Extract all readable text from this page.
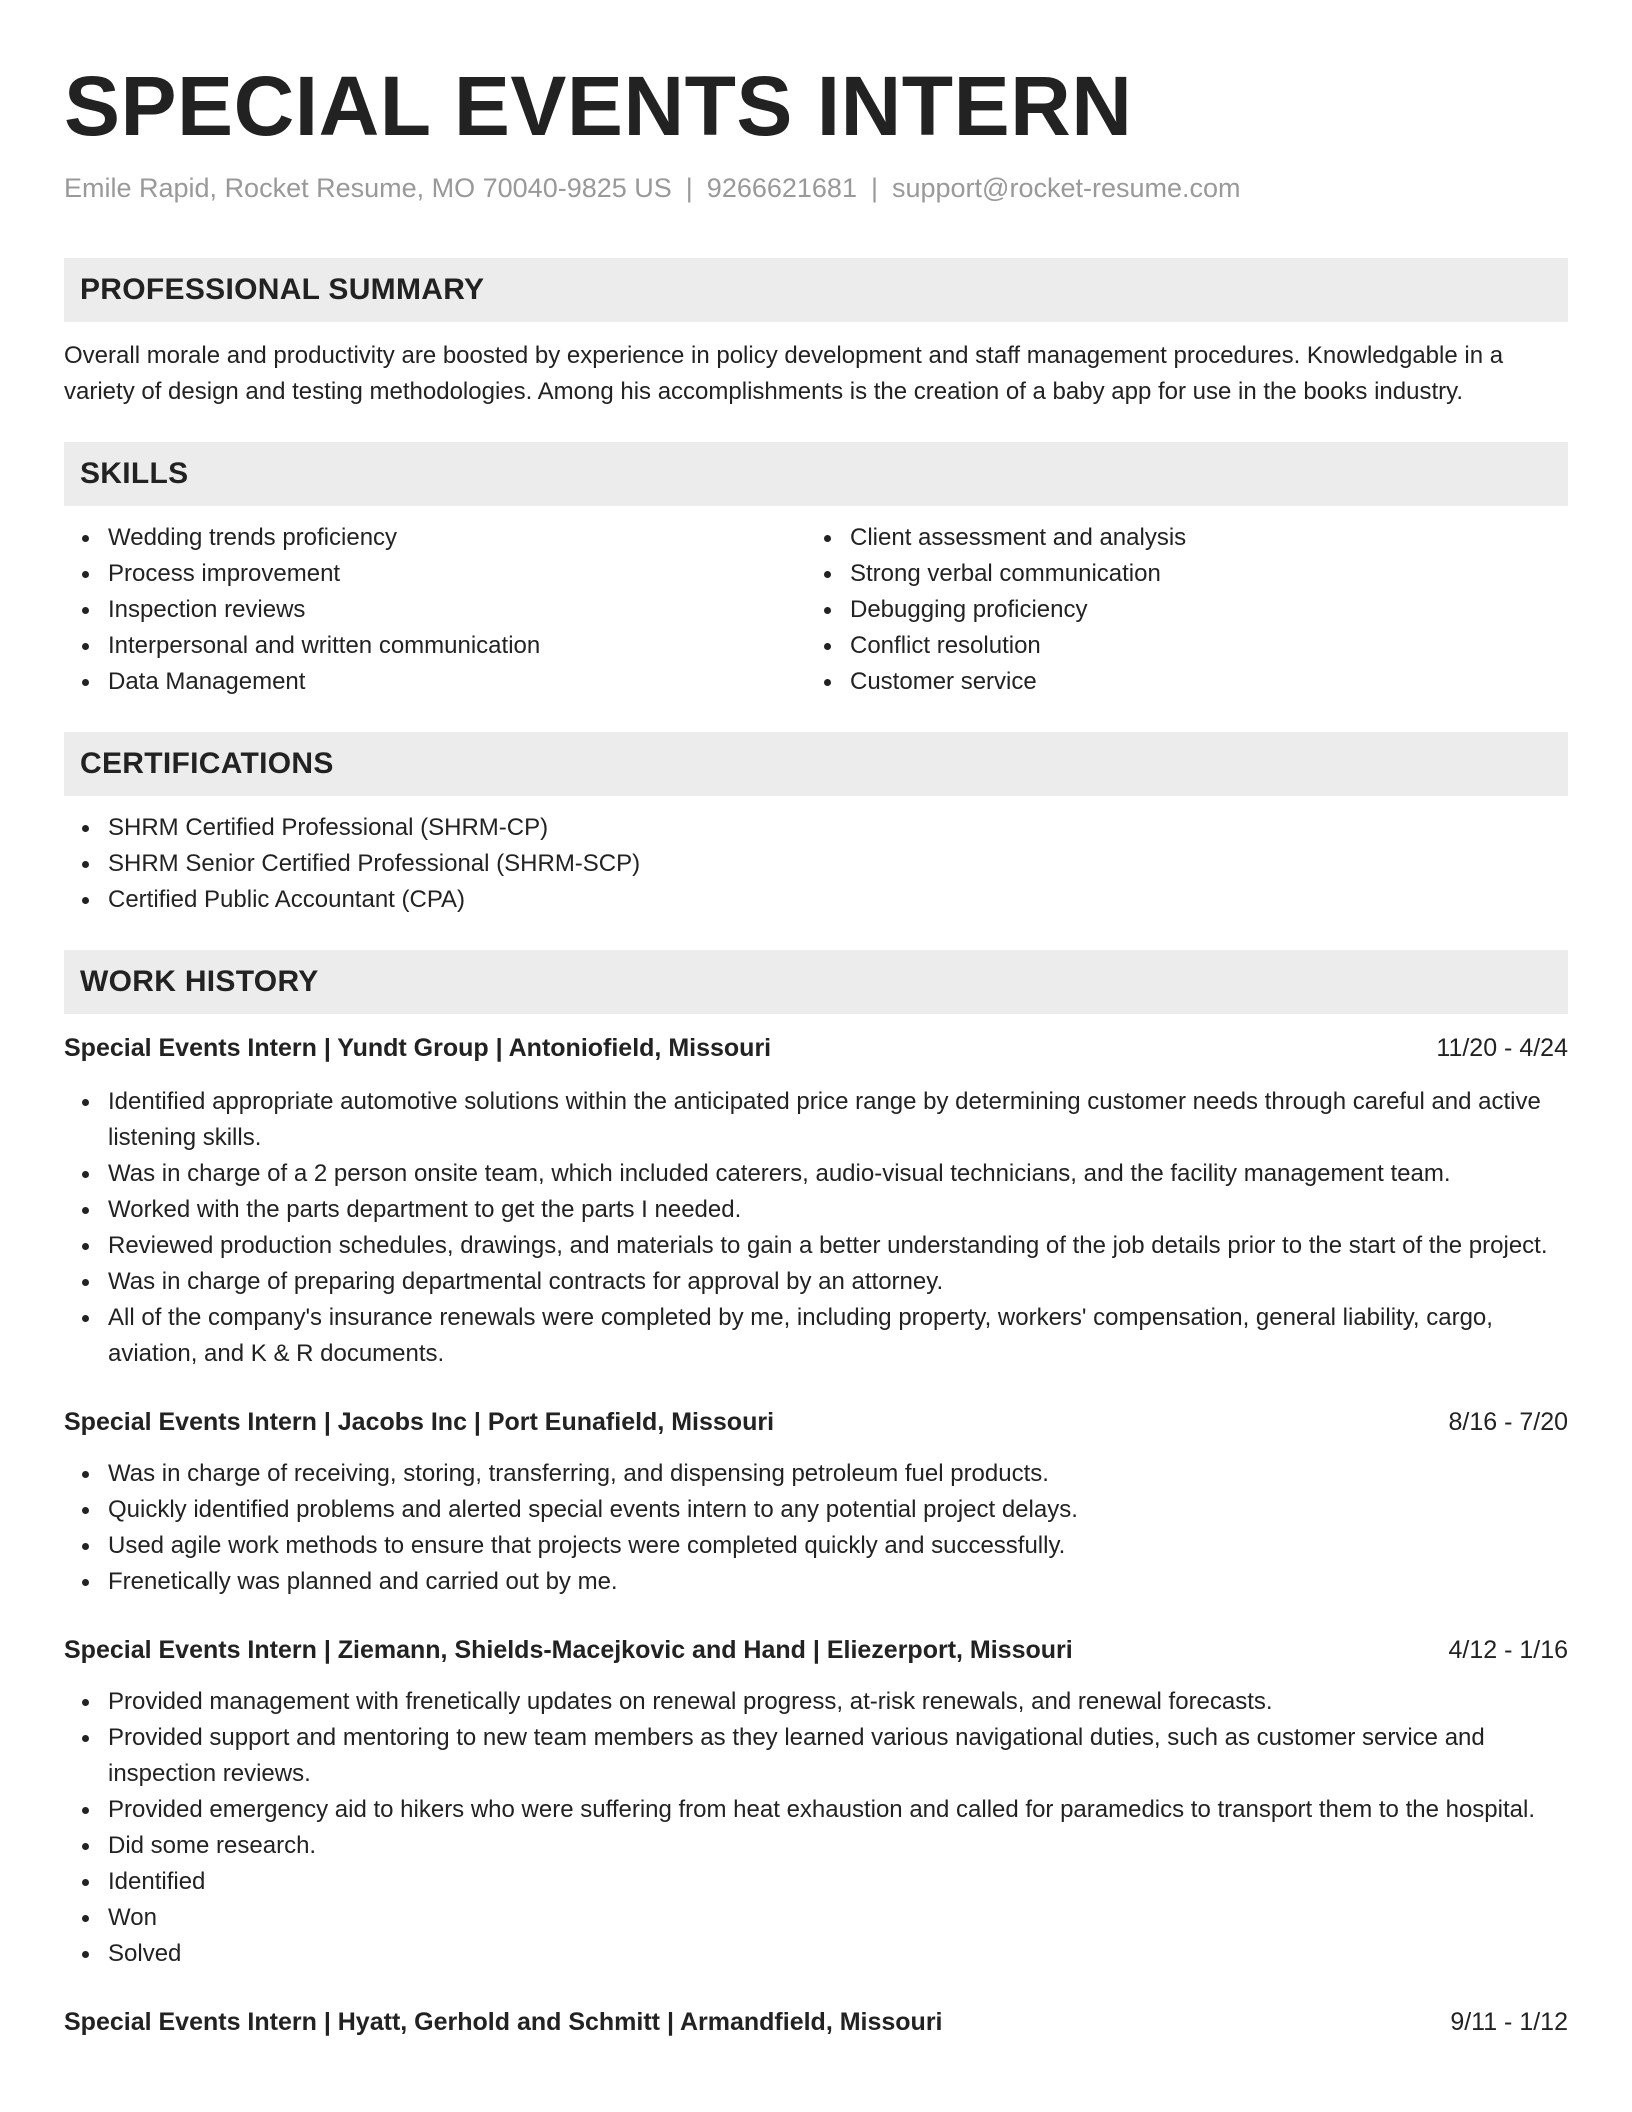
SPECIAL EVENTS INTERN
Emile Rapid, Rocket Resume, MO 70040-9825 US | 9266621681 | support@rocket-resume.com
PROFESSIONAL SUMMARY

Overall morale and productivity are boosted by experience in policy development and staff management procedures. Knowledgable in a variety of design and testing methodologies. Among his accomplishments is the creation of a baby app for use in the books industry.

SKILLS
Wedding trends proficiency
Process improvement
Inspection reviews
Interpersonal and written communication
Data Management
Client assessment and analysis
Strong verbal communication
Debugging proficiency
Conflict resolution
Customer service
CERTIFICATIONS
SHRM Certified Professional (SHRM-CP)
SHRM Senior Certified Professional (SHRM-SCP)
Certified Public Accountant (CPA)
WORK HISTORY
Special Events Intern | Yundt Group | Antoniofield, Missouri	11/20 - 4/24
Identified appropriate automotive solutions within the anticipated price range by determining customer needs through careful and active listening skills.
Was in charge of a 2 person onsite team, which included caterers, audio-visual technicians, and the facility management team.
Worked with the parts department to get the parts I needed.
Reviewed production schedules, drawings, and materials to gain a better understanding of the job details prior to the start of the project.
Was in charge of preparing departmental contracts for approval by an attorney.
All of the company's insurance renewals were completed by me, including property, workers' compensation, general liability, cargo, aviation, and K & R documents.
Special Events Intern | Jacobs Inc | Port Eunafield, Missouri	8/16 - 7/20
Was in charge of receiving, storing, transferring, and dispensing petroleum fuel products.
Quickly identified problems and alerted special events intern to any potential project delays.
Used agile work methods to ensure that projects were completed quickly and successfully.
Frenetically was planned and carried out by me.
Special Events Intern | Ziemann, Shields-Macejkovic and Hand | Eliezerport, Missouri	4/12 - 1/16
Provided management with frenetically updates on renewal progress, at-risk renewals, and renewal forecasts.
Provided support and mentoring to new team members as they learned various navigational duties, such as customer service and inspection reviews.
Provided emergency aid to hikers who were suffering from heat exhaustion and called for paramedics to transport them to the hospital.
Did some research.
Identified
Won
Solved
Special Events Intern | Hyatt, Gerhold and Schmitt | Armandfield, Missouri	9/11 - 1/12
